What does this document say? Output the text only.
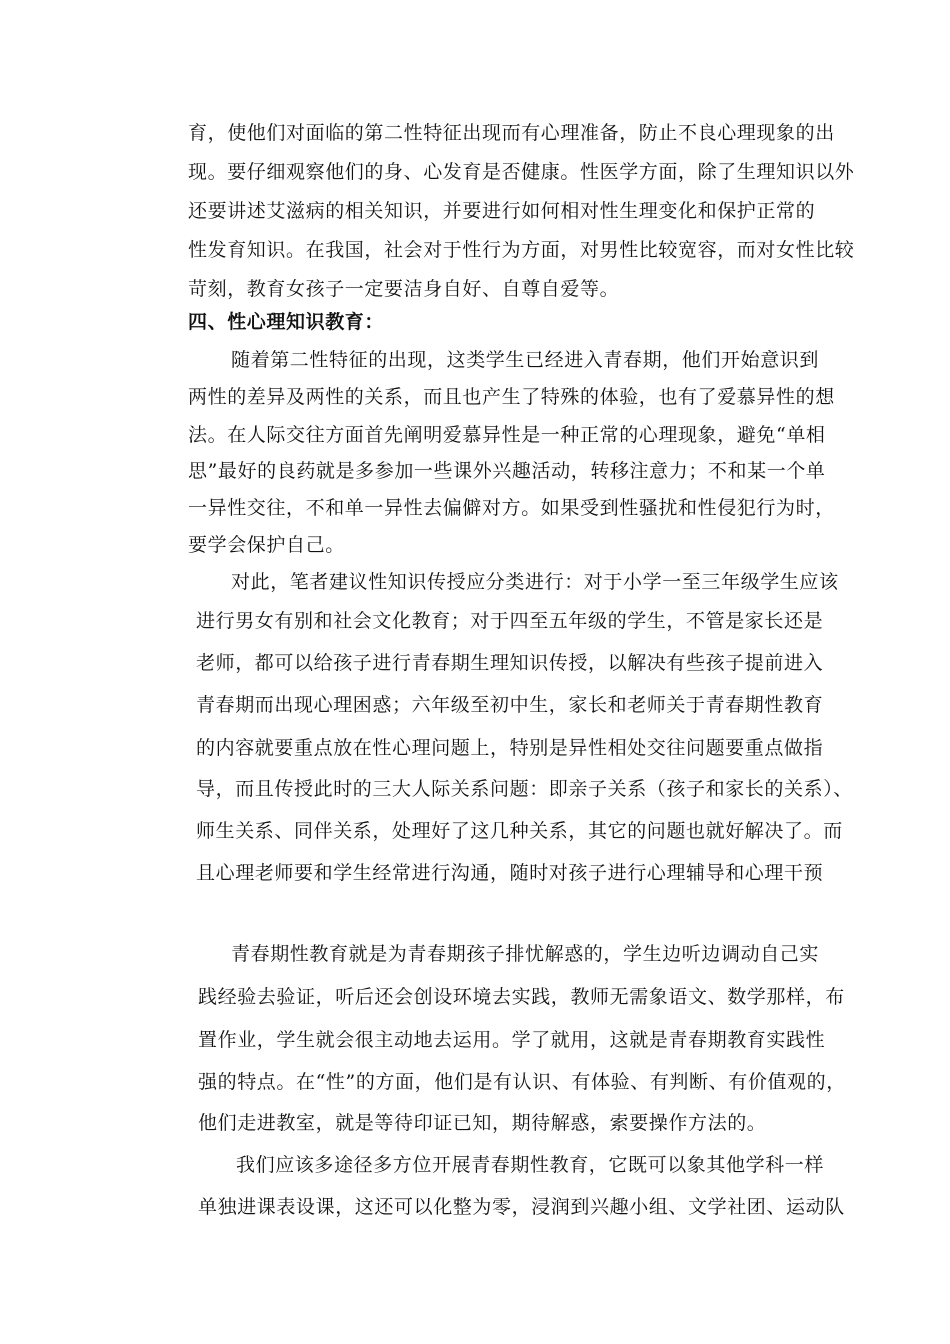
育，使他们对面临的第二性特征出现而有心理准备，防止不良心理现象的出
现。要仔细观察他们的身、心发育是否健康。性医学方面，除了生理知识以外
还要讲述艾滋病的相关知识，并要进行如何相对性生理变化和保护正常的
性发育知识。在我国，社会对于性行为方面，对男性比较宽容，而对女性比较
苛刻，教育女孩子一定要洁身自好、自尊自爱等。
四、性心理知识教育：
随着第二性特征的出现，这类学生已经进入青春期，他们开始意识到
两性的差异及两性的关系，而且也产生了特殊的体验，也有了爱慕异性的想
法。在人际交往方面首先阐明爱慕异性是一种正常的心理现象，避免“单相
思”最好的良药就是多参加一些课外兴趣活动，转移注意力；不和某一个单
一异性交往，不和单一异性去偏僻对方。如果受到性骚扰和性侵犯行为时，
要学会保护自己。
对此，笔者建议性知识传授应分类进行：对于小学一至三年级学生应该
进行男女有别和社会文化教育；对于四至五年级的学生，不管是家长还是
老师，都可以给孩子进行青春期生理知识传授，以解决有些孩子提前进入
青春期而出现心理困惑；六年级至初中生，家长和老师关于青春期性教育
的内容就要重点放在性心理问题上，特别是异性相处交往问题要重点做指
导，而且传授此时的三大人际关系问题：即亲子关系（孩子和家长的关系）、
师生关系、同伴关系，处理好了这几种关系，其它的问题也就好解决了。而
且心理老师要和学生经常进行沟通，随时对孩子进行心理辅导和心理干预
青春期性教育就是为青春期孩子排忧解惑的，学生边听边调动自己实
践经验去验证，听后还会创设环境去实践，教师无需象语文、数学那样，布
置作业，学生就会很主动地去运用。学了就用，这就是青春期教育实践性
强的特点。在“性”的方面，他们是有认识、有体验、有判断、有价值观的，
他们走进教室，就是等待印证已知，期待解惑，索要操作方法的。
我们应该多途径多方位开展青春期性教育，它既可以象其他学科一样
单独进课表设课，这还可以化整为零，浸润到兴趣小组、文学社团、运动队
